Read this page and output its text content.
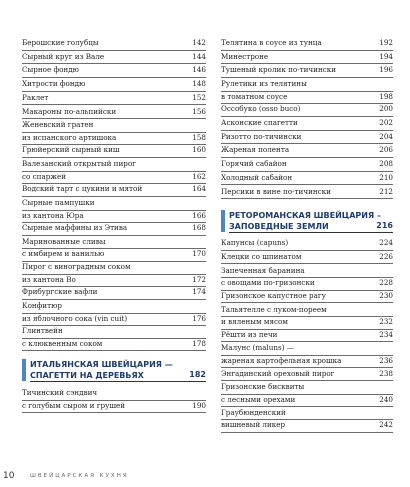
Берошские голубцы	142
Сырный круг из Вале	144
Сырное фондю	146
Хитрости фондю	148
Раклет	152
Макароны по-альпийски	156
Женевский гратен
из испанского артишока	158
Грюйерский сырный киш	160
Валезанский открытый пирог
со спаржей	162
Водский тарт с цукини и мятой	164
Сырные пампушки
из кантона Юра	166
Сырные маффины из Этива	168
Маринованные сливы
с имбирем и ванилью	170
Пирог с виноградным соком
из кантона Во	172
Фрибургские вафли	174
Конфитюр
из яблочного сока (vin cuit)	176
Глинтвейн
с клюквенным соком	178
ИТАЛЬЯНСКАЯ ШВЕЙЦАРИЯ —
СПАГЕТТИ НА ДЕРЕВЬЯХ	182
Тичинский сэндвич
с голубым сыром и грушей	190
Телятина в соусе из тунца	192
Минестроне	194
Тушеный кролик по-тичински	196
Рулетики из телятины
в томатном соусе	198
Оссобуко (osso buco)	200
Асконские спагетти	202
Ризотто по-тичински	204
Жареная полента	206
Горячий сабайон	208
Холодный сабайон	210
Персики в вине по-тичински	212
РЕТОРОМАНСКАЯ ШВЕЙЦАРИЯ –
ЗАПОВЕДНЫЕ ЗЕМЛИ	216
Капунсы (capuns)	224
Клецки со шпинатом	226
Запеченная баранина
с овощами по-гризонски	228
Гризонское капустное рагу	230
Тальятелле с луком-пореем
и вяленым мясом	232
Рёшти из печи	234
Малунс (maluns) —
жареная картофельная крошка	236
Энгадинский ореховый пирог	238
Гризонские бисквиты
с лесными орехами	240
Граубюнденский
вишневый ликер	242
10	ШВЕЙЦАРСКАЯ КУХНЯ
